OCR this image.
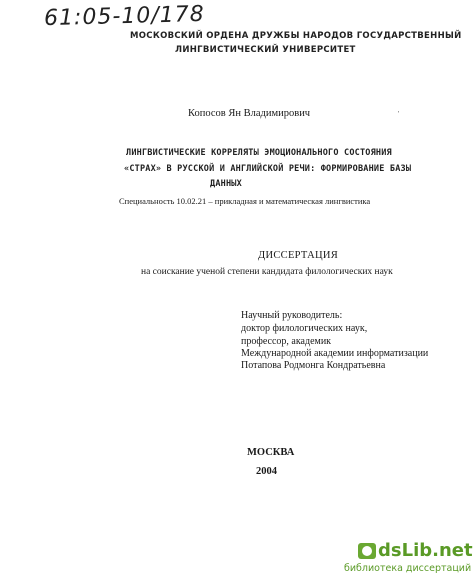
61:05-10/178
МОСКОВСКИЙ ОРДЕНА ДРУЖБЫ НАРОДОВ ГОСУДАРСТВЕННЫЙ
ЛИНГВИСТИЧЕСКИЙ УНИВЕРСИТЕТ
Копосов Ян Владимирович	'
ЛИНГВИСТИЧЕСКИЕ КОРРЕЛЯТЫ ЭМОЦИОНАЛЬНОГО СОСТОЯНИЯ
«СТРАХ» В РУССКОЙ И АНГЛИЙСКОЙ РЕЧИ: ФОРМИРОВАНИЕ БАЗЫ
ДАННЫХ
Специальность 10.02.21 – прикладная и математическая лингвистика
ДИССЕРТАЦИЯ
на соискание ученой степени кандидата филологических наук
Научный руководитель:
доктор филологических наук,
профессор, академик
Международной академии информатизации
Потапова Родмонга Кондратьевна
МОСКВА
2004
dsLib.net
библиотека диссертаций
